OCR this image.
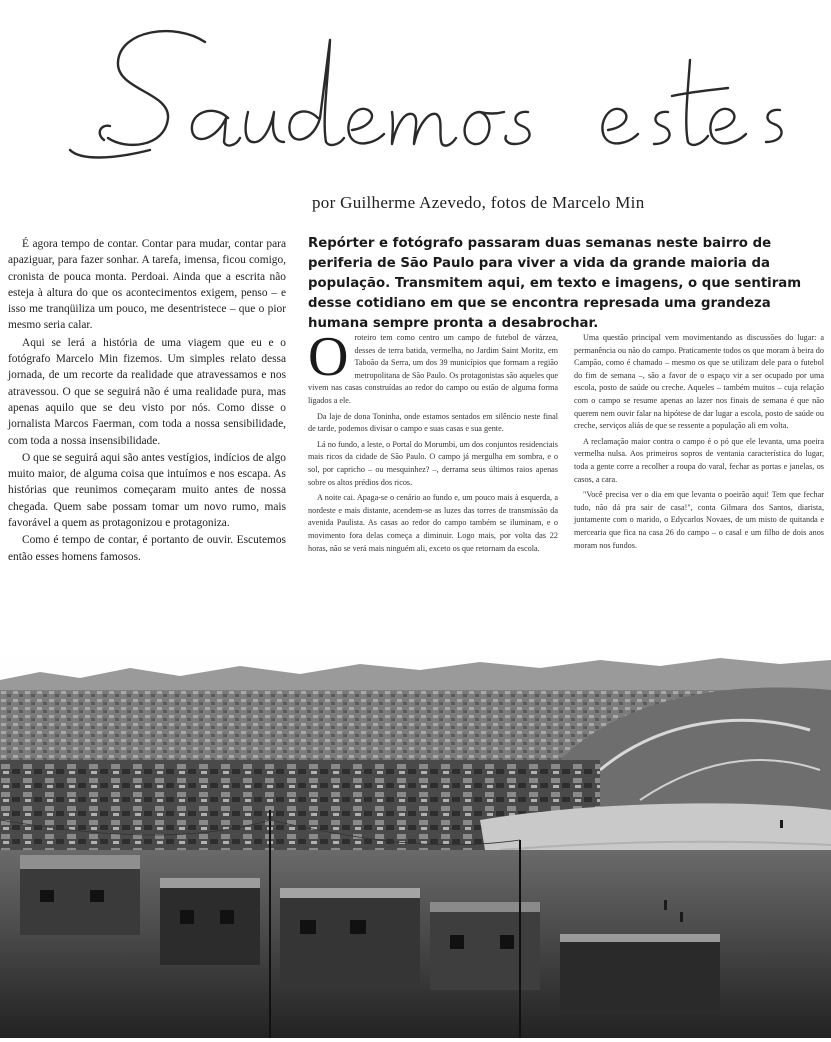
por Guilherme Azevedo, fotos de Marcelo Min

É agora tempo de contar. Contar para mudar, contar para apaziguar, para fazer sonhar. A tarefa, imensa, ficou comigo, cronista de pouca monta. Perdoai. Ainda que a escrita não esteja à altura do que os acontecimentos exigem, penso – e isso me tranqüiliza um pouco, me desentristece – que o pior mesmo seria calar.

Aqui se lerá a história de uma viagem que eu e o fotógrafo Marcelo Min fizemos. Um simples relato dessa jornada, de um recorte da realidade que atravessamos e nos atravessou. O que se seguirá não é uma realidade pura, mas apenas aquilo que se deu visto por nós. Como disse o jornalista Marcos Faerman, com toda a nossa sensibilidade, com toda a nossa insensibilidade.

O que se seguirá aqui são antes vestígios, indícios de algo muito maior, de alguma coisa que intuímos e nos escapa. As histórias que reunimos começaram muito antes de nossa chegada. Quem sabe possam tomar um novo rumo, mais favorável a quem as protagonizou e protagoniza.

Como é tempo de contar, é portanto de ouvir. Escutemos então esses homens famosos.

Repórter e fotógrafo passaram duas semanas neste bairro de periferia de São Paulo para viver a vida da grande maioria da população. Transmitem aqui, em texto e imagens, o que sentiram desse cotidiano em que se encontra represada uma grandeza humana sempre pronta a desabrochar.

Oroteiro tem como centro um campo de futebol de várzea, desses de terra batida, vermelha, no Jardim Saint Moritz, em Taboão da Serra, um dos 39 municípios que formam a região metropolitana de São Paulo. Os protagonistas são aqueles que vivem nas casas construídas ao redor do campo ou estão de alguma forma ligados a ele.

Da laje de dona Toninha, onde estamos sentados em silêncio neste final de tarde, podemos divisar o campo e suas casas e sua gente.

Lá no fundo, a leste, o Portal do Morumbi, um dos conjuntos residenciais mais ricos da cidade de São Paulo. O campo já mergulha em sombra, e o sol, por capricho – ou mesquinhez? –, derrama seus últimos raios apenas sobre os altos prédios dos ricos.

A noite cai. Apaga-se o cenário ao fundo e, um pouco mais à esquerda, a nordeste e mais distante, acendem-se as luzes das torres de transmissão da avenida Paulista. As casas ao redor do campo também se iluminam, e o movimento fora delas começa a diminuir. Logo mais, por volta das 22 horas, não se verá mais ninguém ali, exceto os que retornam da escola.

Uma questão principal vem movimentando as discussões do lugar: a permanência ou não do campo. Praticamente todos os que moram à beira do Campão, como é chamado – mesmo os que se utilizam dele para o futebol do fim de semana –, são a favor de o espaço vir a ser ocupado por uma escola, posto de saúde ou creche. Aqueles – também muitos – cuja relação com o campo se resume apenas ao lazer nos finais de semana é que não querem nem ouvir falar na hipótese de dar lugar a escola, posto de saúde ou creche, serviços aliás de que se ressente a população ali em volta.

A reclamação maior contra o campo é o pó que ele levanta, uma poeira vermelha nulsa. Aos primeiros sopros de ventania característica do lugar, toda a gente corre a recolher a roupa do varal, fechar as portas e janelas, os casos, a cara.

"Você precisa ver o dia em que levanta o poeirão aqui! Tem que fechar tudo, não dá pra sair de casa!", conta Gilmara dos Santos, diarista, juntamente com o marido, o Edycarlos Novaes, de um misto de quitanda e mercearia que fica na casa 26 do campo – o casal e um filho de dois anos moram nos fundos.
